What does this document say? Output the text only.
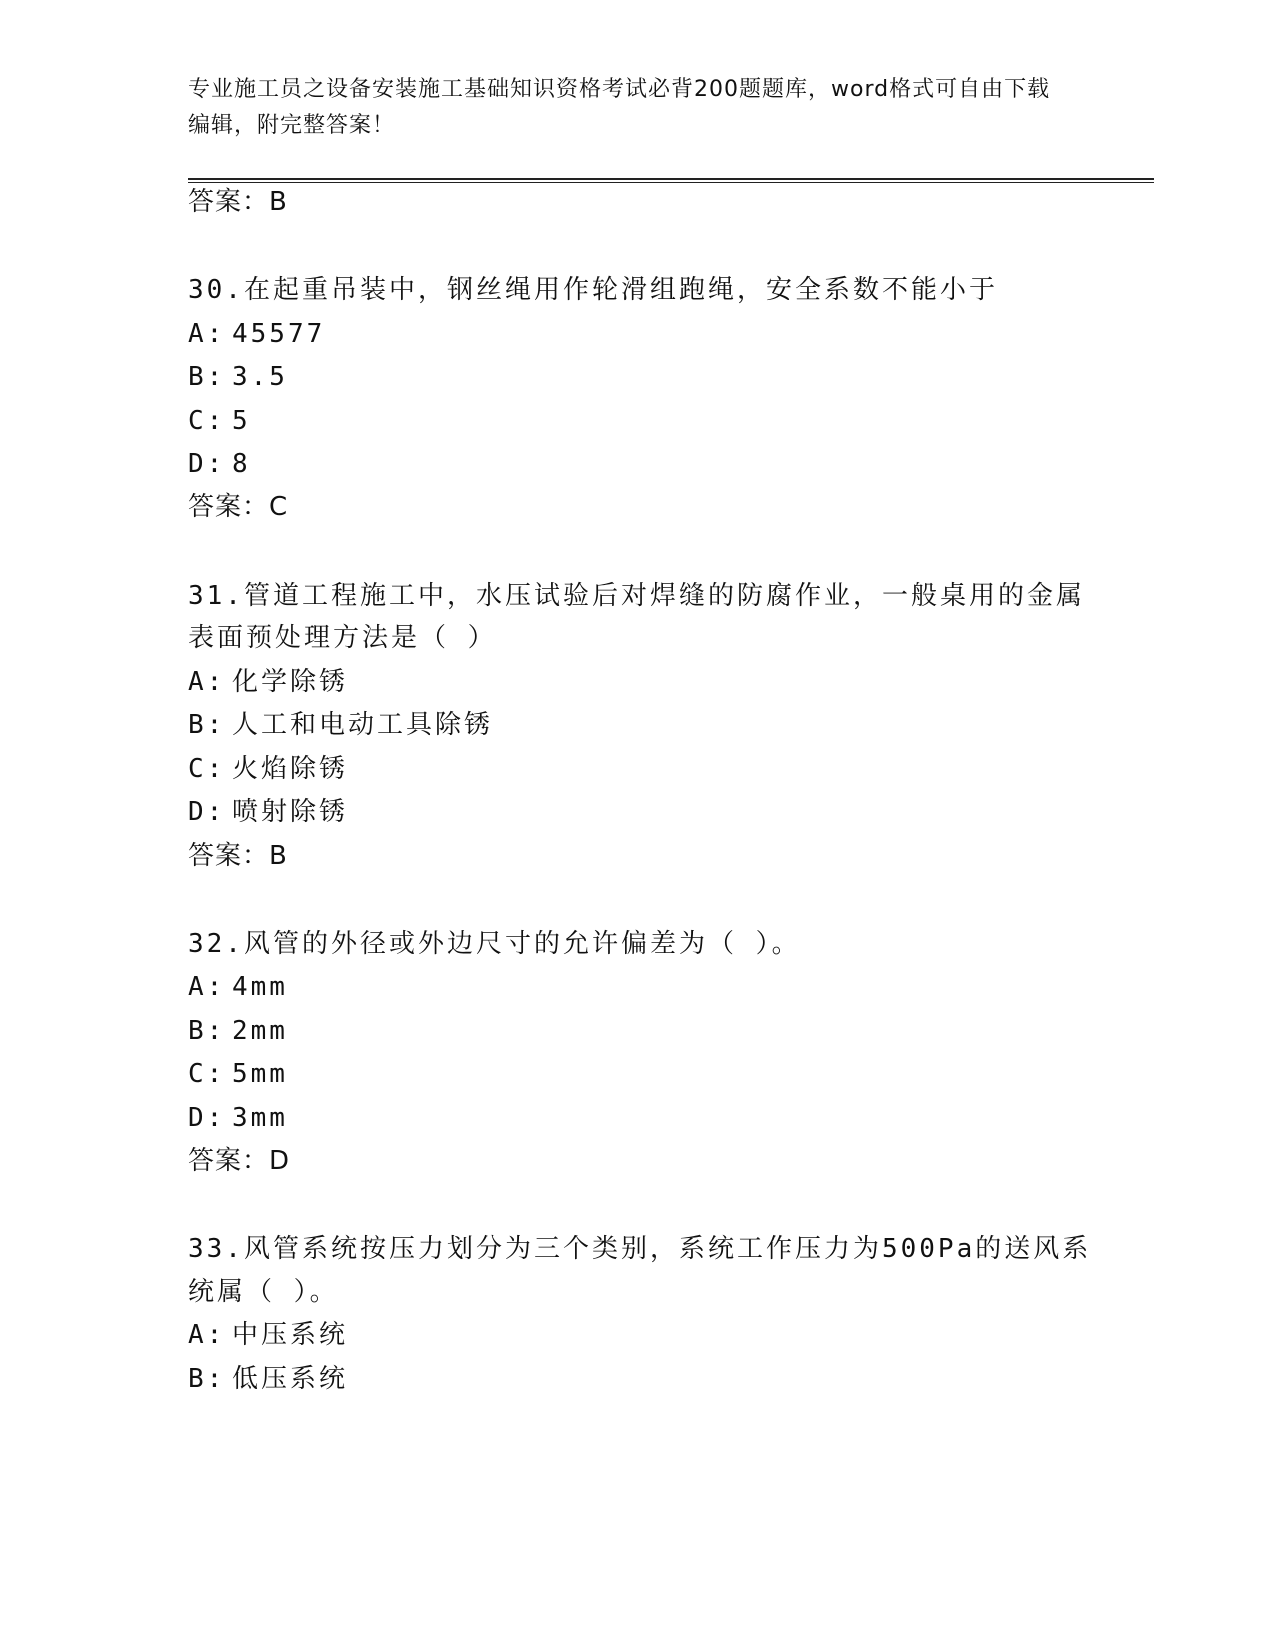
专业施工员之设备安装施工基础知识资格考试必背200题题库，word格式可自由下载编辑，附完整答案！
答案：B
30.在起重吊装中，钢丝绳用作轮滑组跑绳，安全系数不能小于
A: 45577
B: 3.5
C: 5
D: 8
答案：C
31.管道工程施工中，水压试验后对焊缝的防腐作业，一般桌用的金属
表面预处理方法是（ ）
A: 化学除锈
B: 人工和电动工具除锈
C: 火焰除锈
D: 喷射除锈
答案：B
32.风管的外径或外边尺寸的允许偏差为（ ）。
A: 4mm
B: 2mm
C: 5mm
D: 3mm
答案：D
33.风管系统按压力划分为三个类别，系统工作压力为500Pa的送风系
统属（ ）。
A: 中压系统
B: 低压系统
